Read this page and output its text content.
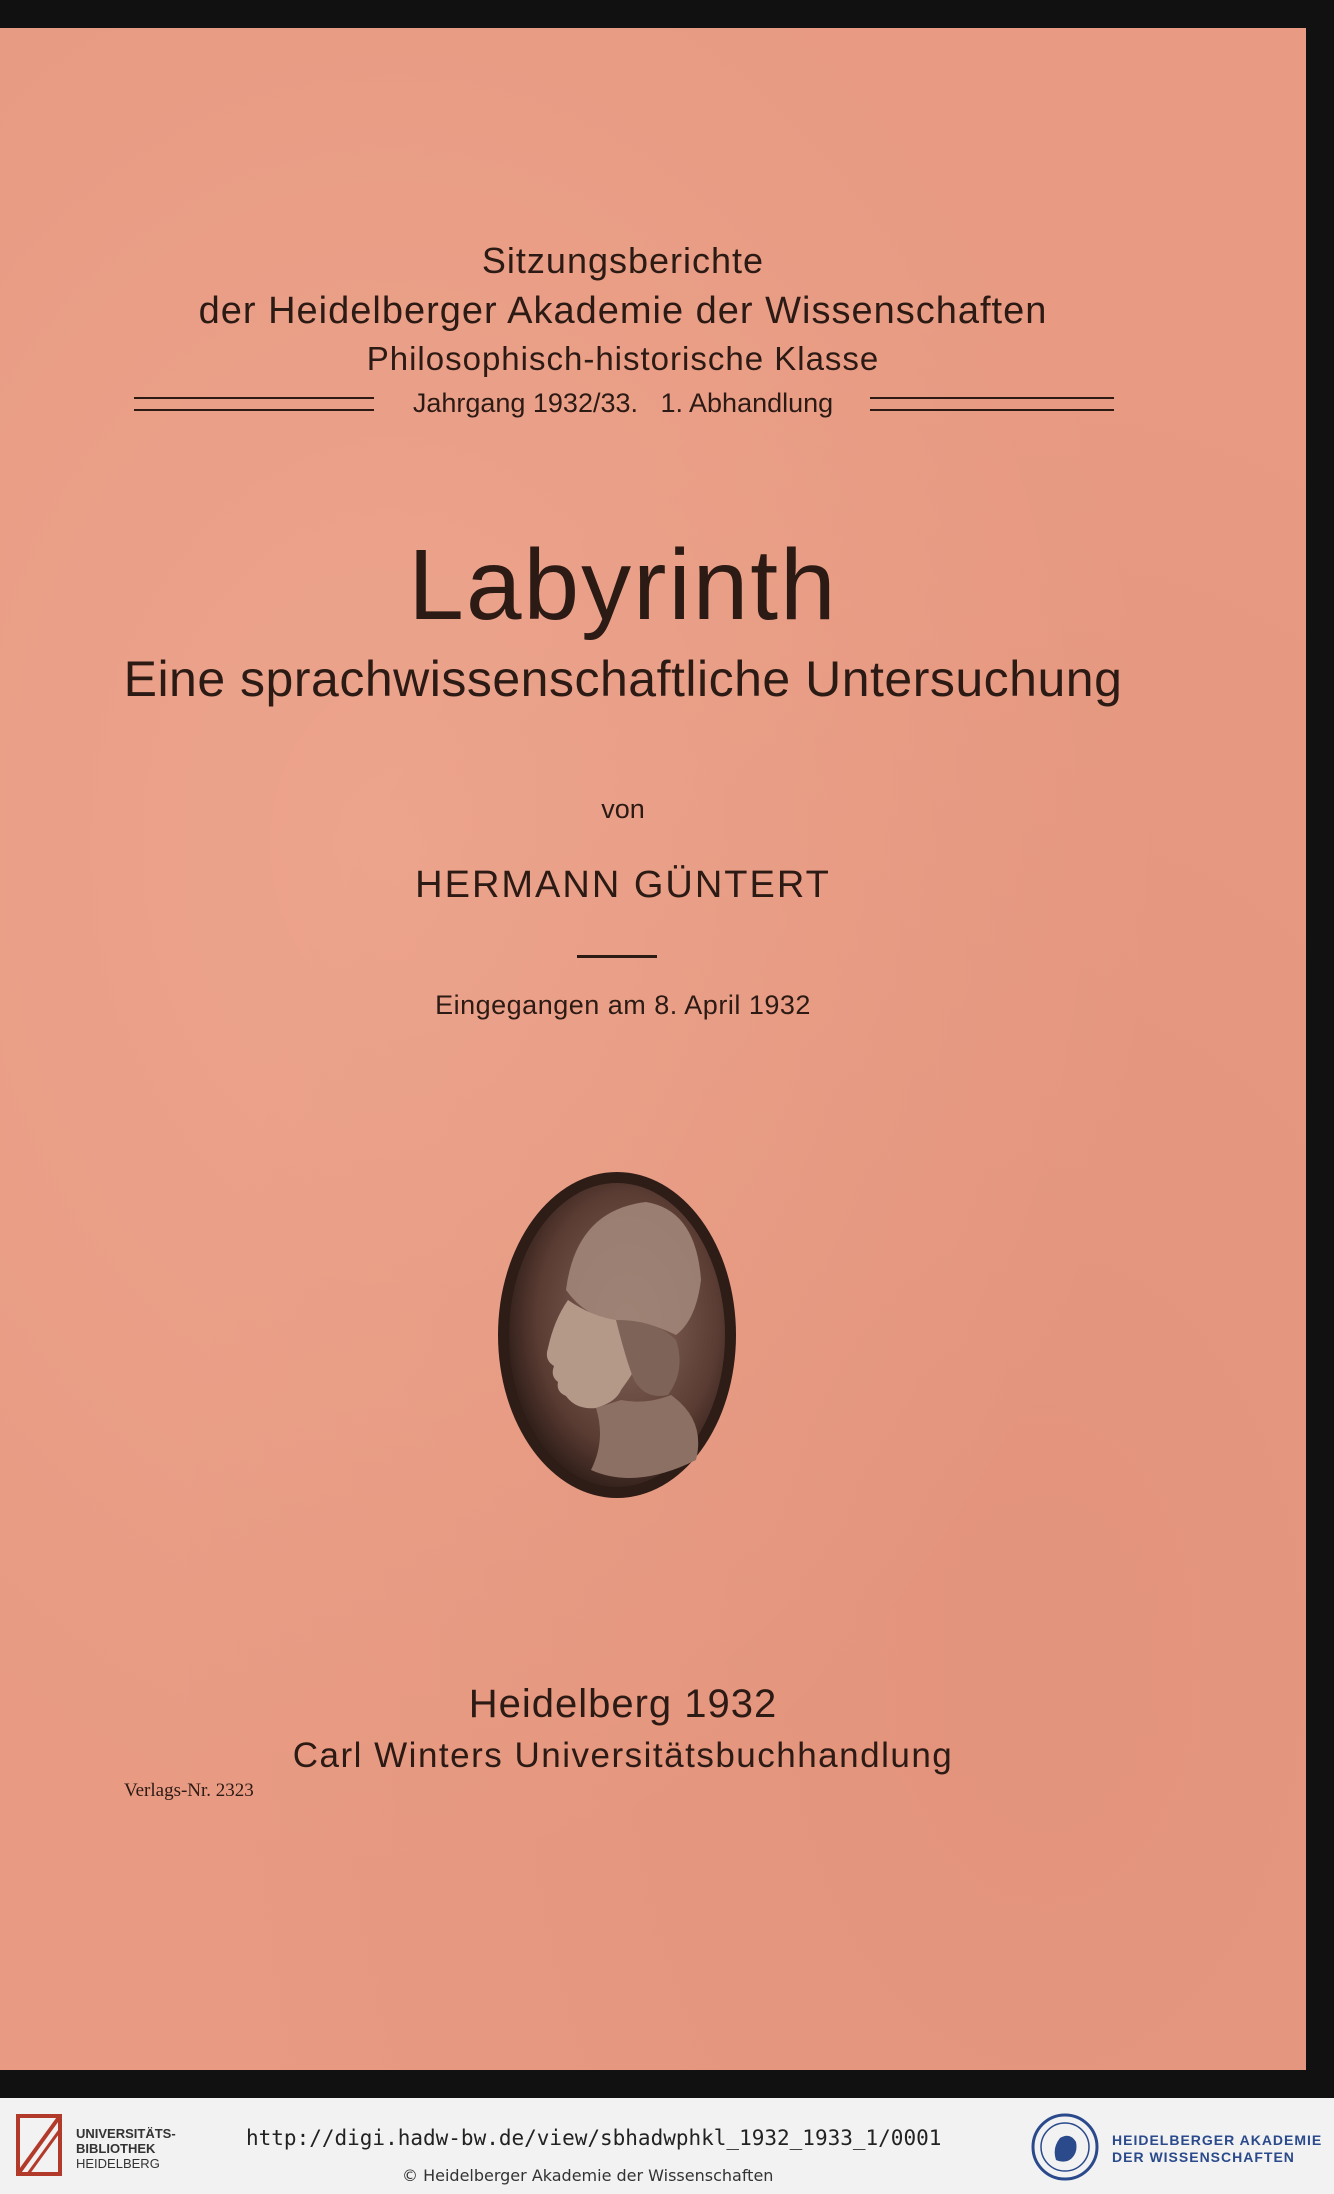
Sitzungsberichte
der Heidelberger Akademie der Wissenschaften
Philosophisch-historische Klasse
Jahrgang 1932/33.   1. Abhandlung
Labyrinth
Eine sprachwissenschaftliche Untersuchung
von
HERMANN GÜNTERT
Eingegangen am 8. April 1932
Heidelberg 1932
Carl Winters Universitätsbuchhandlung
Verlags-Nr. 2323
UNIVERSITÄTS-
BIBLIOTHEK
HEIDELBERG
http://digi.hadw-bw.de/view/sbhadwphkl_1932_1933_1/0001
© Heidelberger Akademie der Wissenschaften
HEIDELBERGER AKADEMIE
DER WISSENSCHAFTEN
